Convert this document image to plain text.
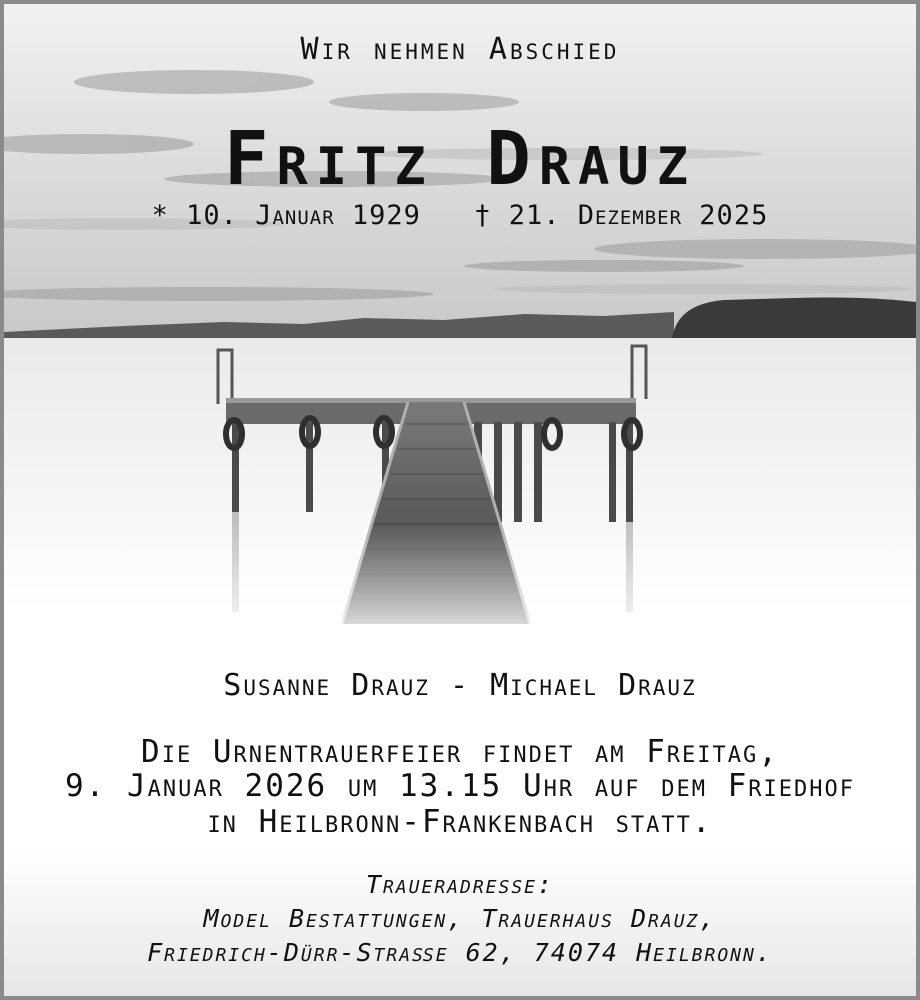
Wir nehmen Abschied
Fritz Drauz
* 10. Januar 1929 † 21. Dezember 2025
Susanne Drauz - Michael Drauz
Die Urnentrauerfeier findet am Freitag,
9. Januar 2026 um 13.15 Uhr auf dem Friedhof
in Heilbronn-Frankenbach statt.
Traueradresse:
Model Bestattungen, Trauerhaus Drauz,
Friedrich-Dürr-Straße 62, 74074 Heilbronn.
